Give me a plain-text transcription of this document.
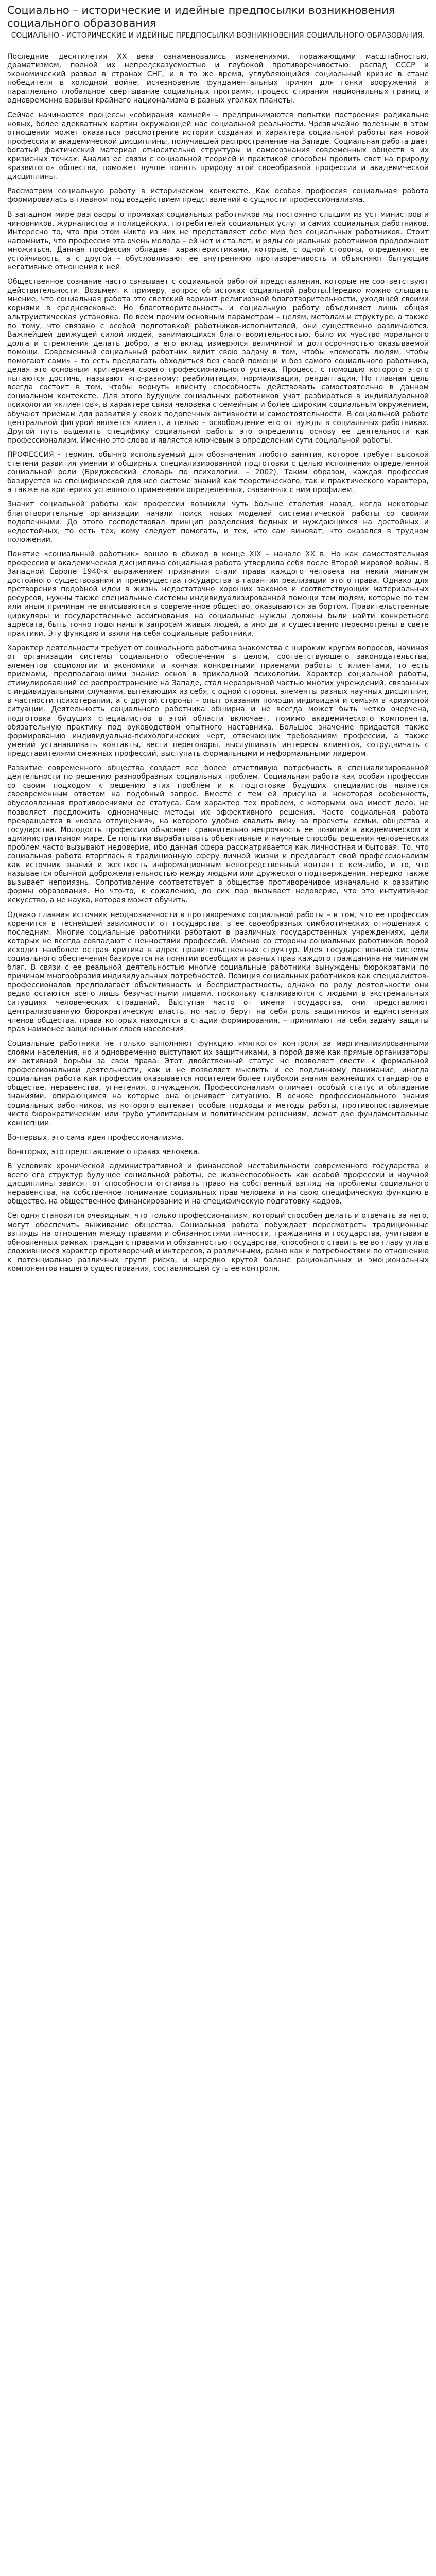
Социально – исторические и идейные предпосылки возникновения социального образования
СОЦИАЛЬНО - ИСТОРИЧЕСКИЕ И ИДЕЙНЫЕ ПРЕДПОСЫЛКИ ВОЗНИКНОВЕНИЯ СОЦИАЛЬНОГО ОБРАЗОВАНИЯ.

Последние десятилетия XX века ознаменовались изменениями, поражающими масштабностью, драматизмом, полной их непредсказуемостью и глубокой противоречивостью: распад СССР и экономический развал в странах СНГ, и в то же время, углубляющийся социальный кризис в стане победителя в холодной войне, исчезновение фундаментальных причин для гонки вооружений и параллельно глобальное свертывание социальных программ, процесс стирания национальных границ и одновременно взрывы крайнего национализма в разных уголках планеты.

Сейчас начинаются процессы «собирания камней» – предпринимаются попытки построения радикально новых, более адекватных картин окружающей нас социальной реальности. Чрезвычайно полезным в этом отношении может оказаться рассмотрение истории создания и характера социальной работы как новой профессии и академической дисциплины, получившей распространение на Западе. Социальная работа дает богатый фактический материал относительно структуры и самосознания современных обществ в их кризисных точках. Анализ ее связи с социальной теорией и практикой способен пролить свет на природу «развитого» общества, поможет лучше понять природу этой своеобразной профессии и академической дисциплины.

Рассмотрим социальную работу в историческом контексте. Как особая профессия социальная работа формировалась в главном под воздействием представлений о сущности профессионализма.

В западном мире разговоры о промахах социальных работников мы постоянно слышим из уст министров и чиновников, журналистов и полицейских, потребителей социальных услуг и самих социальных работников. Интересно то, что при этом никто из них не представляет себе мир без социальных работников. Стоит напомнить, что профессия эта очень молода – ей нет и ста лет, и ряды социальных работников продолжают множиться. Данная профессия обладает характеристиками, которые, с одной стороны, определяют ее устойчивость, а с другой – обусловливают ее внутреннюю противоречивость и объясняют бытующие негативные отношения к ней.

Общественное сознание часто связывает с социальной работой представления, которые не соответствуют действительности. Возьмем, к примеру, вопрос об истоках социальной работы.Нередко можно слышать мнение, что социальная работа это светский вариант религиозной благотворительности, уходящей своими корнями в средневековье. Но благотворительность и социальную работу объединяет лишь общая альтруистическая установка. По всем прочим основным параметрам – целям, методам и структуре, а также по тому, что связано с особой подготовкой работников-исполнителей, они существенно различаются. Важнейшей движущей силой людей, занимающихся благотворительностью, было их чувство морального долга и стремления делать добро, а его вклад измерялся величиной и долгосрочностью оказываемой помощи. Современный социальный работник видит свою задачу в том, чтобы «помогать людям, чтобы помогают сами» – то есть предлагать обходиться без своей помощи и без самого социального работника, делая это основным критерием своего профессионального успеха. Процесс, с помощью которого этого пытаются достичь, называют «по-разному: реабилитация, нормализация, рендаптация. Но главная цель всегда состоит в том, чтобы вернуть клиенту способность действовать самостоятельно в данном социальном контексте. Для этого будущих социальных работников учат разбираться в индивидуальной психологии «клиентов», в характере связи человека с семейным и более широким социальным окружением, обучают приемам для развития у своих подопечных активности и самостоятельности. В социальной работе центральной фигурой является клиент, а целью – освобождение его от нужды в социальных работниках. Другой путь выделить специфику социальной работы это определить основу ее деятельности как профессионализм. Именно это слово и является ключевым в определении сути социальной работы.

ПРОФЕССИЯ - термин, обычно используемый для обозначения любого занятия, которое требует высокой степени развития умений и обширных специализированной подготовки с целью исполнения определенной социальной роли (Бриджевский словарь по психологии. – 2002). Таким образом, каждая профессия базируется на специфической для нее системе знаний как теоретического, так и практического характера, а также на критериях успешного применения определенных, связанных с ним профилем.

Значит социальной работы как профессии возникли чуть больше столетия назад, когда некоторые благотворительные организации начали поиск новых моделей систематической работы со своими подопечными. До этого господствовал принцип разделения бедных и нуждающихся на достойных и недостойных, то есть тех, кому следует помогать, и тех, кто сам виноват, что оказался в трудном положении.

Понятие «социальный работник» вошло в обиход в конце XIX – начале XX в. Но как самостоятельная профессия и академическая дисциплина социальная работа утвердила себя после Второй мировой войны. В Западной Европе 1940-х выражением признания стали права каждого человека на некий минимум достойного существования и преимущества государства в гарантии реализации этого права. Однако для претворения подобной идеи в жизнь недостаточно хороших законов и соответствующих материальных ресурсов, нужны также специальные системы индивидуализированной помощи тем людям, которые по тем или иным причинам не вписываются в современное общество, оказываются за бортом. Правительственные циркуляры и государственные ассигнования на социальные нужды должны были найти конкретного адресата, быть точно подогнаны к запросам живых людей, а иногда и существенно пересмотрены в свете практики. Эту функцию и взяли на себя социальные работники.

Характер деятельности требует от социального работника знакомства с широким кругом вопросов, начиная от организации системы социального обеспечения в целом, соответствующего законодательства, элементов социологии и экономики и кончая конкретными приемами работы с клиентами, то есть приемами, предполагающими знание основ в прикладной психологии. Характер социальной работы, стимулировавший ее распространение на Западе, стал неразрывной частью многих учреждений, связанных с индивидуальными случаями, вытекающих из себя, с одной стороны, элементы разных научных дисциплин, в частности психотерапии, а с другой стороны – опыт оказания помощи индивидам и семьям в кризисной ситуации. Деятельность социального работника обширна и не всегда может быть четко очерчена, подготовка будущих специалистов в этой области включает, помимо академического компонента, обязательную практику под руководством опытного наставника. Большое значение придается также формированию индивидуально-психологических черт, отвечающих требованиям профессии, а также умений устанавливать контакты, вести переговоры, выслушивать интересы клиентов, сотрудничать с представителями смежных профессий, выступать формальными и неформальными лидером.

Развитие современного общества создает все более отчетливую потребность в специализированной деятельности по решению разнообразных социальных проблем. Социальная работа как особая профессия со своим подходом к решению этих проблем и к подготовке будущих специалистов является своевременным ответом на подобный запрос. Вместе с тем ей присуща и некоторая особенность, обусловленная противоречиями ее статуса. Сам характер тех проблем, с которыми она имеет дело, не позволяет предложить однозначные методы их эффективного решения. Часто социальная работа превращается в «козла отпущения», на которого удобно свалить вину за просчеты семьи, общества и государства. Молодость профессии объясняет сравнительно непрочность ее позиций в академическом и административном мире. Ее попытки вырабатывать объективные и научные способы решения человеческих проблем часто вызывают недоверие, ибо данная сфера рассматривается как личностная и бытовая. То, что социальная работа вторглась в традиционную сферу личной жизни и предлагает свой профессионализм как источник знаний и жесткость информационным непосредственный контакт с кем-либо, и то, что называется обычной доброжелательностью между людьми или дружеского подтверждения, нередко также вызывает неприязнь. Сопротивление соответствует в обществе противоречивое изначально к развитию формы образования. Но что-то, к сожалению, до сих пор вызывает недоверие, что это интуитивное искусство, а не наука, которая может обучить.

Однако главная источник неоднозначности в противоречиях социальной работы – в том, что ее профессия коренится в теснейшей зависимости от государства, в ее своеобразных симбиотических отношениях с последним. Многие социальные работники работают в различных государственных учреждениях, цели которых не всегда совпадают с ценностями профессий. Именно со стороны социальных работников порой исходит наиболее острая критика в адрес правительственных структур. Идея государственной системы социального обеспечения базируется на понятии всеобщих и равных прав каждого гражданина на минимум благ. В связи с ее реальной деятельностью многие социальные работники вынуждены бюрократами по причинам многообразия индивидуальных потребностей. Позиция социальных работников как специалистов-профессионалов предполагает объективность и беспристрастность, однако по роду деятельности они редко остаются всего лишь безучастными лицами, поскольку сталкиваются с людьми в экстремальных ситуациях человеческих страданий. Выступая часто от имени государства, они представляют централизованную бюрократическую власть, но часто берут на себя роль защитников и единственных членов общества, права которых находятся в стадии формирования, – принимают на себя задачу защиты прав наименее защищенных слоев населения.

Социальные работники не только выполняют функцию «мягкого» контроля за маргинализированными слоями населения, но и одновременно выступают их защитниками, а порой даже как прямые организаторы их активной борьбы за свои права. Этот двойственный статус не позволяет свести к формальной профессиональной деятельности, как и не позволяет мыслить и ее подлинному понимание, иногда социальная работа как профессия оказывается носителем более глубокой знания важнейших стандартов в обществе, неравенства, угнетения, отчуждения. Профессионализм отличает особый статус и обладание знаниями, опирающимся на которые она оценивает ситуацию. В основе профессионального знания социальных работников, из которого вытекает особые подходы и методы работы, противопоставляемые чисто бюрократическим или грубо утилитарным и политическим решениям, лежат две фундаментальные концепции.

Во-первых, это сама идея профессионализма.

Во-вторых, это представление о правах человека.

В условиях хронической административной и финансовой нестабильности современного государства и всего его структур будущее социальной работы, ее жизнеспособность как особой профессии и научной дисциплины зависят от способности отстаивать право на собственный взгляд на проблемы социального неравенства, на собственное понимание социальных прав человека и на свою специфическую функцию в обществе, на общественное финансирование и на специфическую подготовку кадров.

Сегодня становится очевидным, что только профессионализм, который способен делать и отвечать за него, могут обеспечить выживание общества. Социальная работа побуждает пересмотреть традиционные взгляды на отношения между правами и обязанностями личности, гражданина и государства, учитывая в обновленных рамках граждан с правами и обязанностью государства, способного ставить ее во главу угла в сложившиеся характер противоречий и интересов, а различными, равно как и потребностями по отношению к потенциально различных групп риска, и нередко крутой баланс рациональных и эмоциональных компонентов нашего существования, составляющей суть ее контроля.
